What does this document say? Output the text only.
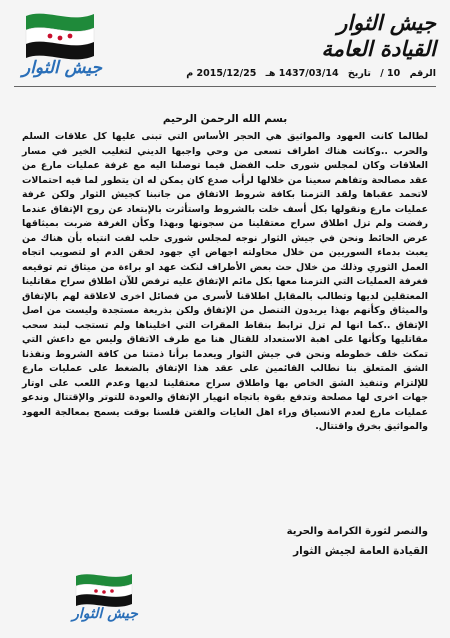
جيش الثوار
جيش الثوار
القيادة العامة
الرقم 10 / تاريخ 1437/03/14 هـ 2015/12/25 م
بسم الله الرحمن الرحيم
لطالما كانت العهود والمواثيق هي الحجر الأساس التي تبنى عليها كل علاقات السلم والحرب ..وكانت هناك اطراف تسعى من وحي واجبها الديني لتغليب الخير في مسار العلاقات وكان لمجلس شورى حلب الفضل فيما توصلنا اليه مع غرفة عمليات مارع من عقد مصالحة وتفاهم سعينا من خلالها لرأب صدع كان يمكن له ان يتطور لما فيه احتمالات لاتحمد عقباها ولقد التزمنا بكافة شروط الاتفاق من جانبنا كجيش الثوار ولكن غرفة عمليات مارع ونقولها بكل أسف خلت بالشروط واستأثرت بالإبتعاد عن روح الإتفاق عندما رفضت ولم تزل اطلاق سراح معتقلينا من سجونها وبهذا وكأن الغرفة ضربت بميثاقها عرض الحائط ونحن في جيش الثوار نوجه لمجلس شورى حلب لفت انتباه بأن هناك من يعبث بدماء السوريين من خلال محاولته اجهاض اي جهود لحقن الدم او لتصويب اتجاه العمل الثوري وذلك من خلال حث بعض الأطراف لنكث عهد او براءة من ميثاق تم توقيعه فغرفة العمليات التي التزمنا معها بكل مائم الإتفاق عليه ترفض للآن اطلاق سراح مقاتلينا المعتقلين لديها وتطالب بالمقابل اطلاقنا لأسرى من فصائل اخرى لاعلاقة لهم بالإتفاق والميثاق وكأنهم بهذا يريدون التنصل من الإتفاق ولكن بذريعة مستجدة وليست من اصل الإتفاق ..كما انها لم تزل ترابط بنقاط المقرات التي اخليناها ولم تستجب لبند سحب مقاتليها وكأنها على اهبة الاستعداد للقتال هنا مع طرف الاتفاق وليس مع داعش التي تمكث خلف خطوطه ونحن في جيش الثوار ويعدما برأنا ذمتنا من كافة الشروط ونفذنا الشق المتعلق بنا نطالب القائمين على عقد هذا الإتفاق بالضغط على عمليات مارع للإلتزام وتنفيذ الشق الخاص بها واطلاق سراح معتقلينا لديها وعدم اللعب على اوتار جهات اخرى لها مصلحة وتدفع بقوة باتجاه انهيار الإتفاق والعودة للتوتر والإقتتال وندعو عمليات مارع لعدم الانسياق وراء اهل الغايات والفتن فلسنا بوقت يسمح بمعالجة العهود والمواثيق بخرق واقتتال.
والنصر لثورة الكرامة والحرية
القيادة العامة لجيش الثوار
جيش الثوار
